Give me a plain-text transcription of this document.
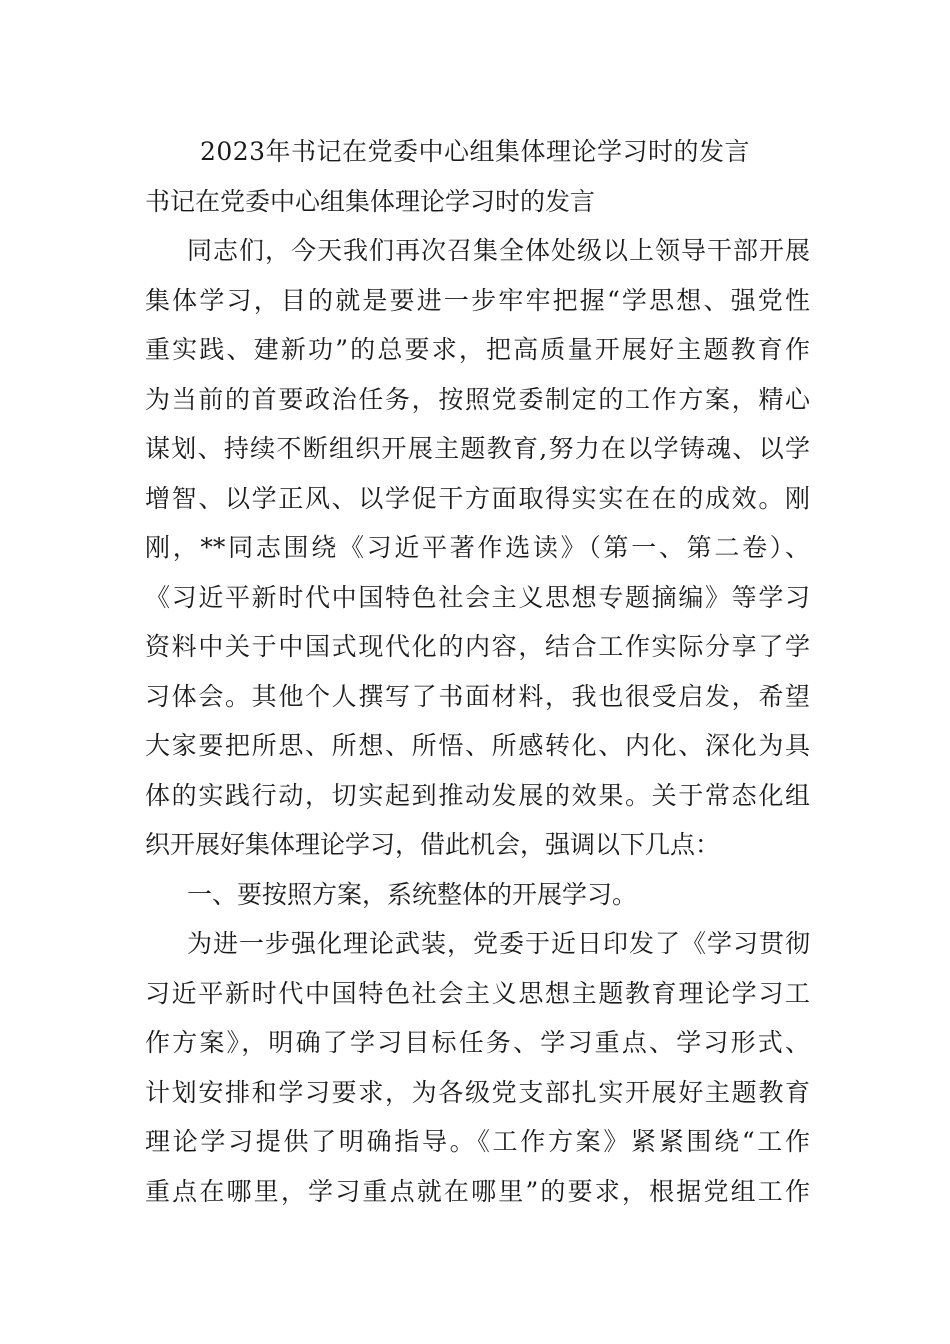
2023年书记在党委中心组集体理论学习时的发言
书记在党委中心组集体理论学习时的发言
同志们，今天我们再次召集全体处级以上领导干部开展
集体学习，目的就是要进一步牢牢把握“学思想、强党性
重实践、建新功”的总要求，把高质量开展好主题教育作
为当前的首要政治任务，按照党委制定的工作方案，精心
谋划、持续不断组织开展主题教育,努力在以学铸魂、以学
增智、以学正风、以学促干方面取得实实在在的成效。刚
刚，**同志围绕《习近平著作选读》（第一、第二卷）、
《习近平新时代中国特色社会主义思想专题摘编》等学习
资料中关于中国式现代化的内容，结合工作实际分享了学
习体会。其他个人撰写了书面材料，我也很受启发，希望
大家要把所思、所想、所悟、所感转化、内化、深化为具
体的实践行动，切实起到推动发展的效果。关于常态化组
织开展好集体理论学习，借此机会，强调以下几点：
一、要按照方案，系统整体的开展学习。
为进一步强化理论武装，党委于近日印发了《学习贯彻
习近平新时代中国特色社会主义思想主题教育理论学习工
作方案》，明确了学习目标任务、学习重点、学习形式、
计划安排和学习要求，为各级党支部扎实开展好主题教育
理论学习提供了明确指导。《工作方案》紧紧围绕“工作
重点在哪里，学习重点就在哪里”的要求，根据党组工作
